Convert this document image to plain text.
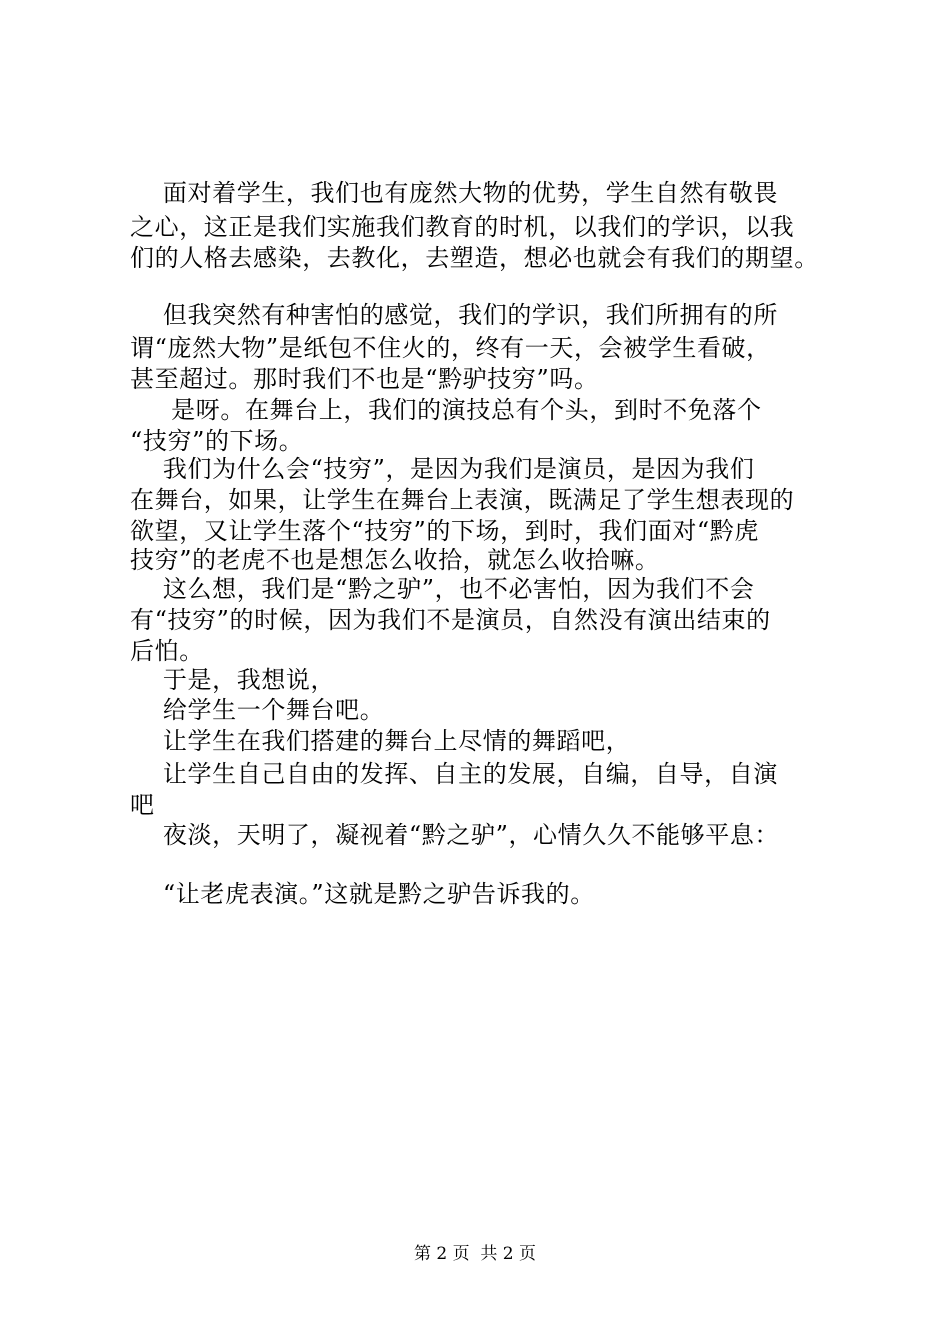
面对着学生，我们也有庞然大物的优势，学生自然有敬畏
之心，这正是我们实施我们教育的时机，以我们的学识，以我
们的人格去感染，去教化，去塑造，想必也就会有我们的期望。
但我突然有种害怕的感觉，我们的学识，我们所拥有的所
谓“庞然大物”是纸包不住火的，终有一天，会被学生看破，
甚至超过。那时我们不也是“黔驴技穷”吗。
是呀。在舞台上，我们的演技总有个头，到时不免落个
“技穷”的下场。
我们为什么会“技穷”，是因为我们是演员，是因为我们
在舞台，如果，让学生在舞台上表演，既满足了学生想表现的
欲望，又让学生落个“技穷”的下场，到时，我们面对“黔虎
技穷”的老虎不也是想怎么收拾，就怎么收拾嘛。
这么想，我们是“黔之驴”，也不必害怕，因为我们不会
有“技穷”的时候，因为我们不是演员，自然没有演出结束的
后怕。
于是，我想说，
给学生一个舞台吧。
让学生在我们搭建的舞台上尽情的舞蹈吧，
让学生自己自由的发挥、自主的发展，自编，自导，自演
吧
夜淡，天明了，凝视着“黔之驴”，心情久久不能够平息：
“让老虎表演。”这就是黔之驴告诉我的。
第 2 页  共 2 页
